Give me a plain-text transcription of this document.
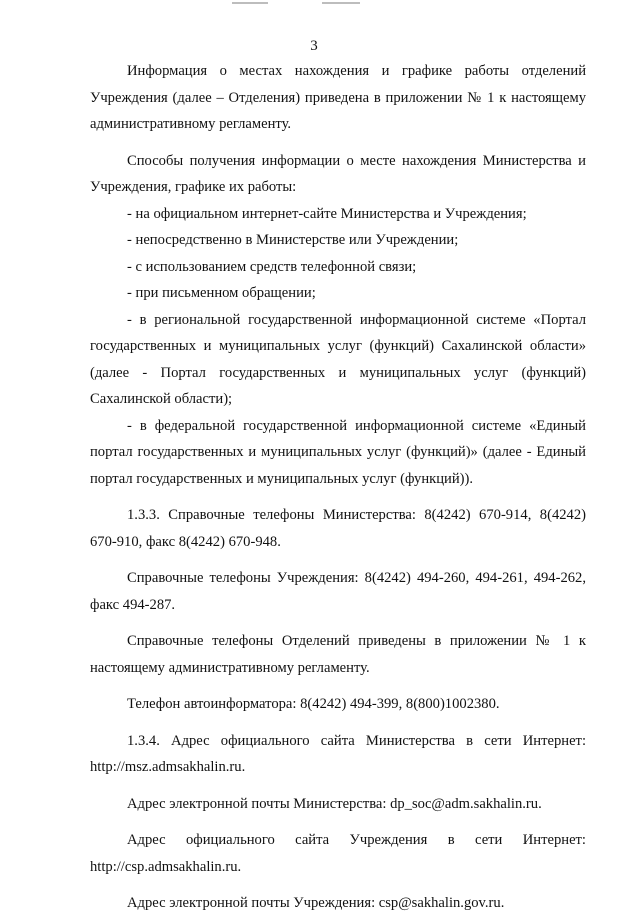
3
Информация о местах нахождения и графике работы отделений
Учреждения (далее – Отделения) приведена в приложении № 1 к настоящему
административному регламенту.
Способы получения информации о месте нахождения Министерства и
Учреждения, графике их работы:
- на официальном интернет-сайте Министерства и Учреждения;
- непосредственно в Министерстве или Учреждении;
- с использованием средств телефонной связи;
- при письменном обращении;
- в региональной государственной информационной системе «Портал
государственных и муниципальных услуг (функций) Сахалинской области»
(далее - Портал государственных и муниципальных услуг (функций)
Сахалинской области);
- в федеральной государственной информационной системе «Единый
портал государственных и муниципальных услуг (функций)» (далее - Единый
портал государственных и муниципальных услуг (функций)).
1.3.3. Справочные телефоны Министерства: 8(4242) 670-914, 8(4242)
670-910, факс 8(4242) 670-948.
Справочные телефоны Учреждения: 8(4242) 494-260, 494-261, 494-262,
факс 494-287.
Справочные телефоны Отделений приведены в приложении № 1 к
настоящему административному регламенту.
Телефон автоинформатора: 8(4242) 494-399, 8(800)1002380.
1.3.4. Адрес официального сайта Министерства в сети Интернет:
http://msz.admsakhalin.ru.
Адрес электронной почты Министерства: dp_soc@adm.sakhalin.ru.
Адрес официального сайта Учреждения в сети Интернет:
http://csp.admsakhalin.ru.
Адрес электронной почты Учреждения: csp@sakhalin.gov.ru.
